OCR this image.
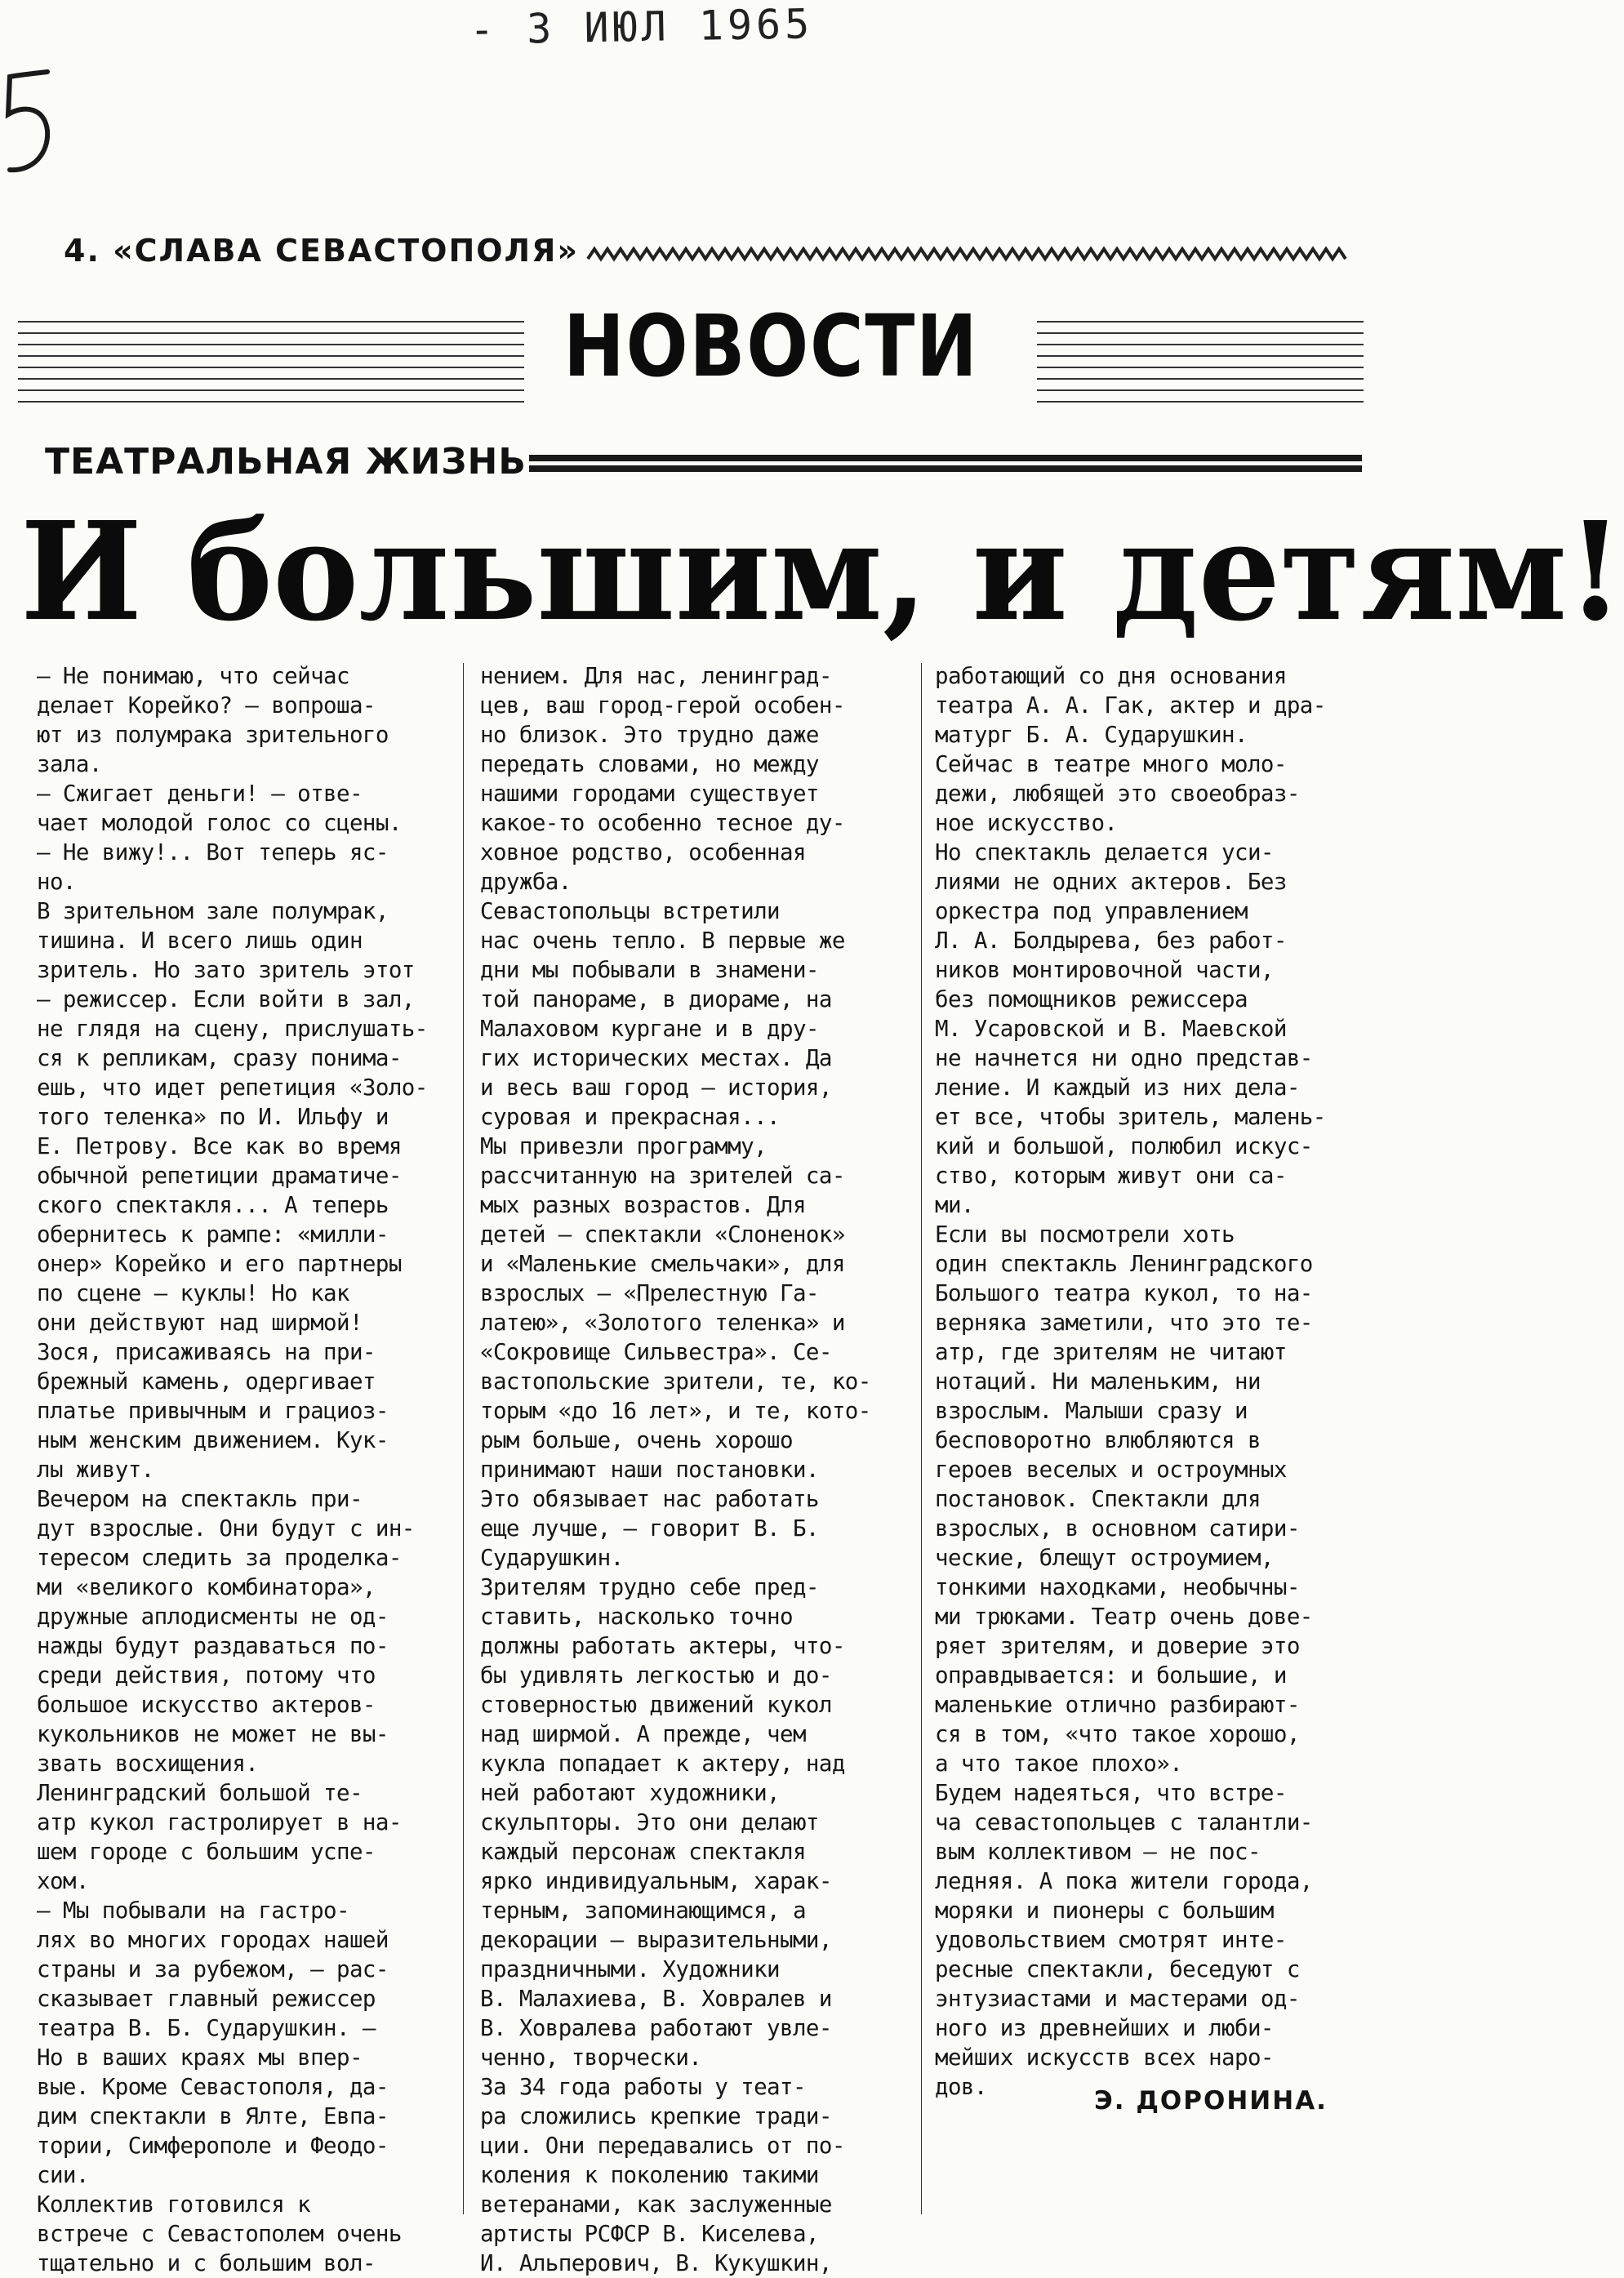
- 3 ИЮЛ 1965
4. «СЛАВА СЕВАСТОПОЛЯ»
НОВОСТИ
ТЕАТРАЛЬНАЯ ЖИЗНЬ
И большим, и детям!
— Не понимаю, что сейчас
делает Корейко? — вопроша-
ют из полумрака зрительного
зала.
— Сжигает деньги! — отве-
чает молодой голос со сцены.
— Не вижу!.. Вот теперь яс-
но.
В зрительном зале полумрак,
тишина. И всего лишь один
зритель. Но зато зритель этот
— режиссер. Если войти в зал,
не глядя на сцену, прислушать-
ся к репликам, сразу понима-
ешь, что идет репетиция «Золо-
того теленка» по И. Ильфу и
Е. Петрову. Все как во время
обычной репетиции драматиче-
ского спектакля... А теперь
обернитесь к рампе: «милли-
онер» Корейко и его партнеры
по сцене — куклы! Но как
они действуют над ширмой!
Зося, присаживаясь на при-
брежный камень, одергивает
платье привычным и грациоз-
ным женским движением. Кук-
лы живут.
Вечером на спектакль при-
дут взрослые. Они будут с ин-
тересом следить за проделка-
ми «великого комбинатора»,
дружные аплодисменты не од-
нажды будут раздаваться по-
среди действия, потому что
большое искусство актеров-
кукольников не может не вы-
звать восхищения.
Ленинградский большой те-
атр кукол гастролирует в на-
шем городе с большим успе-
хом.
— Мы побывали на гастро-
лях во многих городах нашей
страны и за рубежом, — рас-
сказывает главный режиссер
театра В. Б. Сударушкин. —
Но в ваших краях мы впер-
вые. Кроме Севастополя, да-
дим спектакли в Ялте, Евпа-
тории, Симферополе и Феодо-
сии.
Коллектив готовился к
встрече с Севастополем очень
тщательно и с большим вол-
нением. Для нас, ленинград-
цев, ваш город-герой особен-
но близок. Это трудно даже
передать словами, но между
нашими городами существует
какое-то особенно тесное ду-
ховное родство, особенная
дружба.
Севастопольцы встретили
нас очень тепло. В первые же
дни мы побывали в знамени-
той панораме, в диораме, на
Малаховом кургане и в дру-
гих исторических местах. Да
и весь ваш город — история,
суровая и прекрасная...
Мы привезли программу,
рассчитанную на зрителей са-
мых разных возрастов. Для
детей — спектакли «Слоненок»
и «Маленькие смельчаки», для
взрослых — «Прелестную Га-
латею», «Золотого теленка» и
«Сокровище Сильвестра». Се-
вастопольские зрители, те, ко-
торым «до 16 лет», и те, кото-
рым больше, очень хорошо
принимают наши постановки.
Это обязывает нас работать
еще лучше, — говорит В. Б.
Сударушкин.
Зрителям трудно себе пред-
ставить, насколько точно
должны работать актеры, что-
бы удивлять легкостью и до-
стоверностью движений кукол
над ширмой. А прежде, чем
кукла попадает к актеру, над
ней работают художники,
скульпторы. Это они делают
каждый персонаж спектакля
ярко индивидуальным, харак-
терным, запоминающимся, а
декорации — выразительными,
праздничными. Художники
В. Малахиева, В. Ховралев и
В. Ховралева работают увле-
ченно, творчески.
За 34 года работы у теат-
ра сложились крепкие тради-
ции. Они передавались от по-
коления к поколению такими
ветеранами, как заслуженные
артисты РСФСР В. Киселева,
И. Альперович, В. Кукушкин,
работающий со дня основания
театра А. А. Гак, актер и дра-
матург Б. А. Сударушкин.
Сейчас в театре много моло-
дежи, любящей это своеобраз-
ное искусство.
Но спектакль делается уси-
лиями не одних актеров. Без
оркестра под управлением
Л. А. Болдырева, без работ-
ников монтировочной части,
без помощников режиссера
М. Усаровской и В. Маевской
не начнется ни одно представ-
ление. И каждый из них дела-
ет все, чтобы зритель, малень-
кий и большой, полюбил искус-
ство, которым живут они са-
ми.
Если вы посмотрели хоть
один спектакль Ленинградского
Большого театра кукол, то на-
верняка заметили, что это те-
атр, где зрителям не читают
нотаций. Ни маленьким, ни
взрослым. Малыши сразу и
бесповоротно влюбляются в
героев веселых и остроумных
постановок. Спектакли для
взрослых, в основном сатири-
ческие, блещут остроумием,
тонкими находками, необычны-
ми трюками. Театр очень дове-
ряет зрителям, и доверие это
оправдывается: и большие, и
маленькие отлично разбирают-
ся в том, «что такое хорошо,
а что такое плохо».
Будем надеяться, что встре-
ча севастопольцев с талантли-
вым коллективом — не пос-
ледняя. А пока жители города,
моряки и пионеры с большим
удовольствием смотрят инте-
ресные спектакли, беседуют с
энтузиастами и мастерами од-
ного из древнейших и люби-
мейших искусств всех наро-
дов.	Э. ДОРОНИНА.
